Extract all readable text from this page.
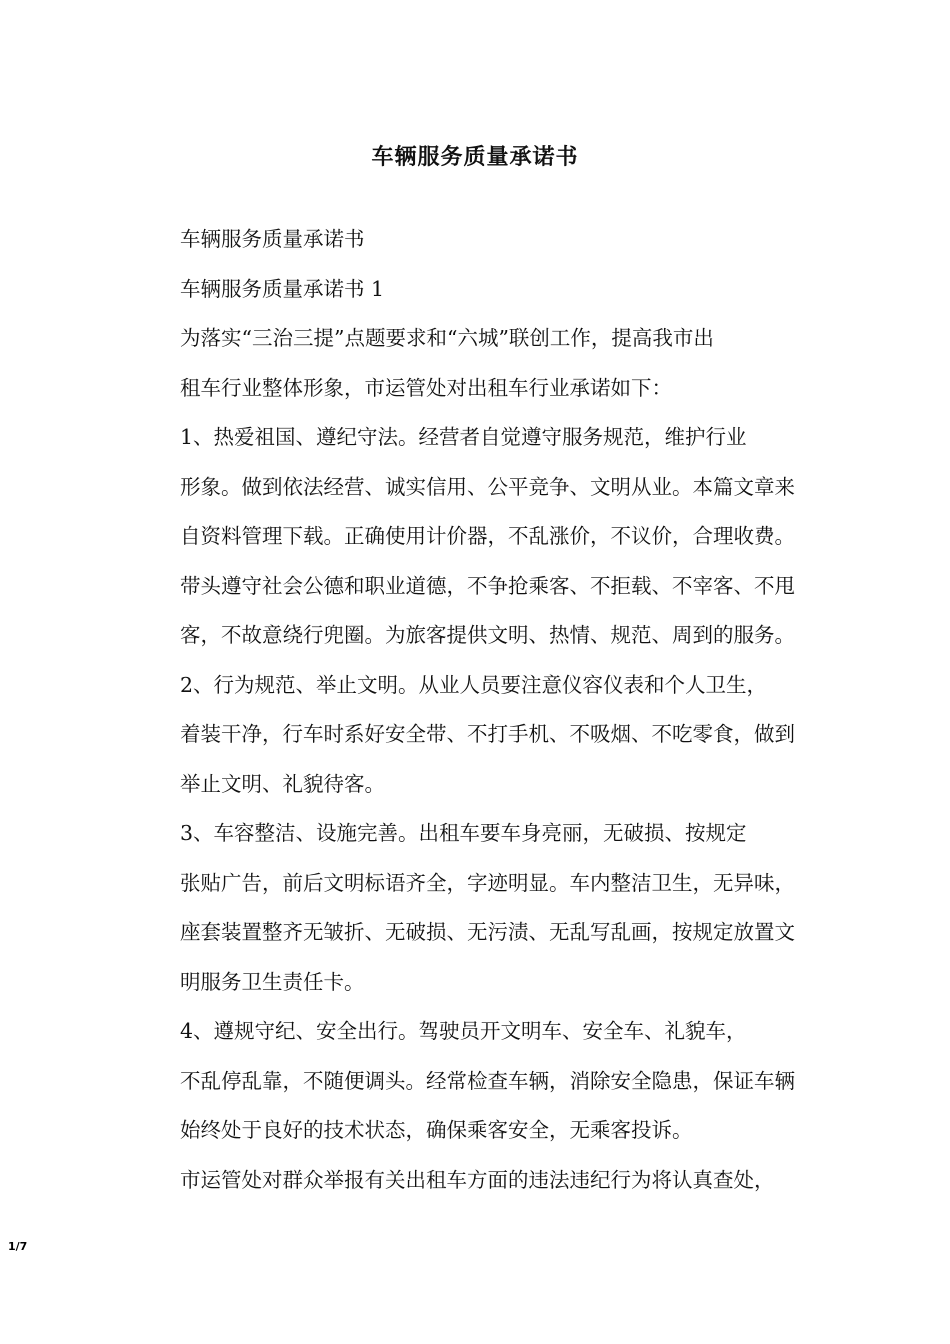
车辆服务质量承诺书

车辆服务质量承诺书

车辆服务质量承诺书 1

为落实“三治三提”点题要求和“六城”联创工作，提高我市出
租车行业整体形象，市运管处对出租车行业承诺如下：

1、热爱祖国、遵纪守法。经营者自觉遵守服务规范，维护行业
形象。做到依法经营、诚实信用、公平竞争、文明从业。本篇文章来
自资料管理下载。正确使用计价器，不乱涨价，不议价，合理收费。
带头遵守社会公德和职业道德，不争抢乘客、不拒载、不宰客、不甩
客，不故意绕行兜圈。为旅客提供文明、热情、规范、周到的服务。

2、行为规范、举止文明。从业人员要注意仪容仪表和个人卫生，
着装干净，行车时系好安全带、不打手机、不吸烟、不吃零食，做到
举止文明、礼貌待客。

3、车容整洁、设施完善。出租车要车身亮丽，无破损、按规定
张贴广告，前后文明标语齐全，字迹明显。车内整洁卫生，无异味，
座套装置整齐无皱折、无破损、无污渍、无乱写乱画，按规定放置文
明服务卫生责任卡。

4、遵规守纪、安全出行。驾驶员开文明车、安全车、礼貌车，
不乱停乱靠，不随便调头。经常检查车辆，消除安全隐患，保证车辆
始终处于良好的技术状态，确保乘客安全，无乘客投诉。

市运管处对群众举报有关出租车方面的违法违纪行为将认真查处，

1/7
